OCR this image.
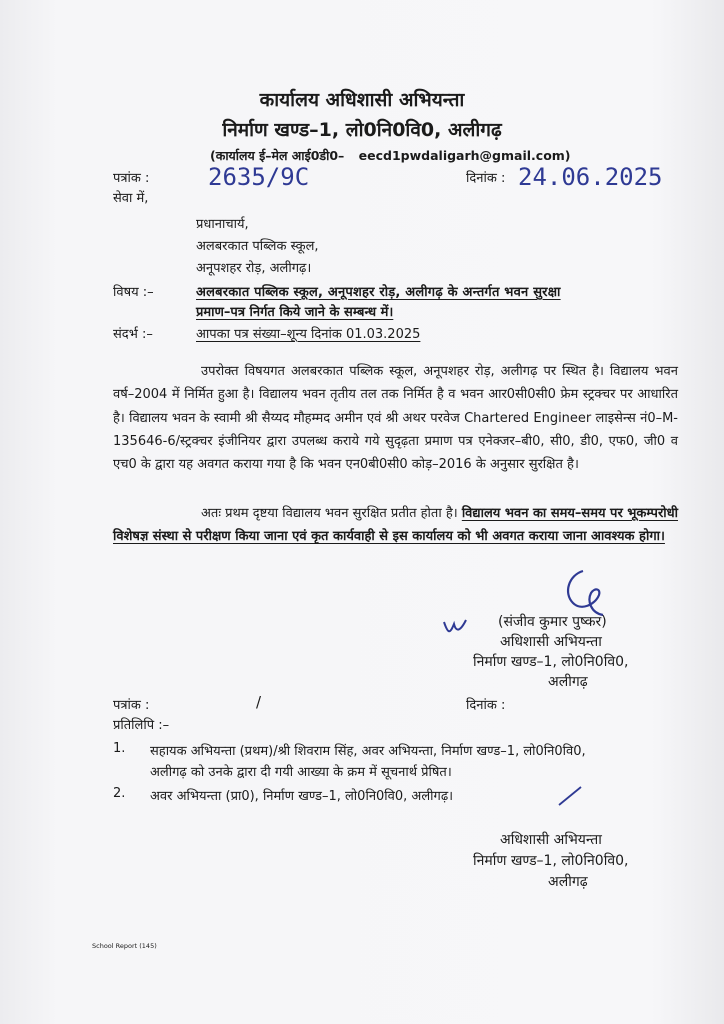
कार्यालय अधिशासी अभियन्ता
निर्माण खण्ड–1, लो0नि0वि0, अलीगढ़
(कार्यालय ई–मेल आई0डी0– eecd1pwdaligarh@gmail.com)
पत्रांक : 2635/9C	दिनांक : 24.06.2025
सेवा में,
प्रधानाचार्य,
अलबरकात पब्लिक स्कूल,
अनूपशहर रोड़, अलीगढ़।
विषय :–	अलबरकात पब्लिक स्कूल, अनूपशहर रोड़, अलीगढ़ के अन्तर्गत भवन सुरक्षा
प्रमाण–पत्र निर्गत किये जाने के सम्बन्ध में।
संदर्भ :–	आपका पत्र संख्या–शून्य दिनांक 01.03.2025
उपरोक्त विषयगत अलबरकात पब्लिक स्कूल, अनूपशहर रोड़, अलीगढ़ पर स्थित है। विद्यालय भवन वर्ष–2004 में निर्मित हुआ है। विद्यालय भवन तृतीय तल तक निर्मित है व भवन आर0सी0सी0 फ्रेम स्ट्रक्चर पर आधारित है। विद्यालय भवन के स्वामी श्री सैय्यद मौहम्मद अमीन एवं श्री अथर परवेज Chartered Engineer लाइसेन्स नं0–M-135646-6/स्ट्रक्चर इंजीनियर द्वारा उपलब्ध कराये गये सुदृढ़ता प्रमाण पत्र एनेक्जर–बी0, सी0, डी0, एफ0, जी0 व एच0 के द्वारा यह अवगत कराया गया है कि भवन एन0बी0सी0 कोड़–2016 के अनुसार सुरक्षित है।
अतः प्रथम दृष्टया विद्यालय भवन सुरक्षित प्रतीत होता है। विद्यालय भवन का समय–समय पर भूकम्परोधी विशेषज्ञ संस्था से परीक्षण किया जाना एवं कृत कार्यवाही से इस कार्यालय को भी अवगत कराया जाना आवश्यक होगा।
(संजीव कुमार पुष्कर)
अधिशासी अभियन्ता
निर्माण खण्ड–1, लो0नि0वि0,
अलीगढ़
पत्रांक :	/	दिनांक :
प्रतिलिपि :–
1. सहायक अभियन्ता (प्रथम)/श्री शिवराम सिंह, अवर अभियन्ता, निर्माण खण्ड–1, लो0नि0वि0,
अलीगढ़ को उनके द्वारा दी गयी आख्या के क्रम में सूचनार्थ प्रेषित।
2. अवर अभियन्ता (प्रा0), निर्माण खण्ड–1, लो0नि0वि0, अलीगढ़।
अधिशासी अभियन्ता
निर्माण खण्ड–1, लो0नि0वि0,
अलीगढ़
School Report (145)
